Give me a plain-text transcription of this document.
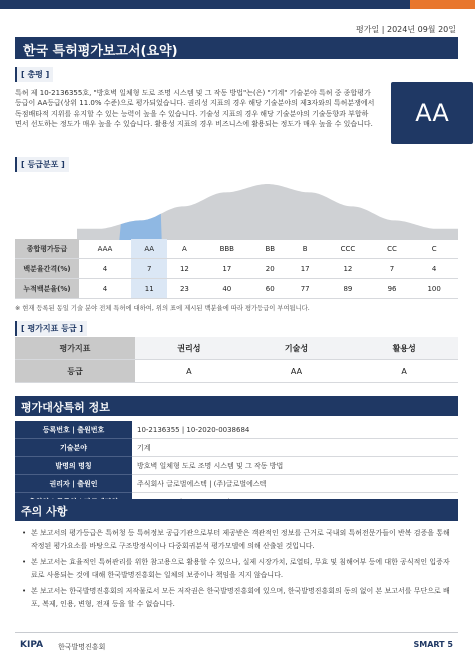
평가일 | 2024년 09월 20일
한국 특허평가보고서(요약)
[ 총평 ]
특허 제 10-2136355호, "방호벽 일체형 도로 조명 시스템 및 그 작동 방법"는(은) "기계" 기술분야 특허 중 종합평가등급이 AA등급(상위 11.0% 수준)으로 평가되었습니다. 권리성 지표의 경우 해당 기술분야의 제3자와의 특허분쟁에서 독점배타적 지위를 유지할 수 있는 능력이 높을 수 있습니다. 기술성 지표의 경우 해당 기술분야의 기술동향과 부합하면서 선도하는 정도가 매우 높을 수 있습니다. 활용성 지표의 경우 비즈니스에 활용되는 정도가 매우 높을 수 있습니다.	AA
[ 등급분포 ]
종합평가등급	AAA	AA	A	BBB	BB	B	CCC	CC	C
백분율간격(%)	4	7	12	17	20	17	12	7	4
누적백분율(%)	4	11	23	40	60	77	89	96	100
※ 현재 등록된 동일 기술 분야 전체 특허에 대하여, 위의 표에 제시된 백분율에 따라 평가등급이 부여됩니다.
[ 평가지표 등급 ]
평가지표	권리성	기술성	활용성
등급	A	AA	A
평가대상특허 정보
등록번호 | 출원번호	10-2136355 | 10-2020-0038684
기술분야	기계
발명의 명칭	방호벽 일체형 도로 조명 시스템 및 그 작동 방법
권리자 | 출원인	주식회사 글로벌에스텍 | (주)글로벌에스텍

주의 사항
• 본 보고서의 평가등급은 특허청 등 특허정보 공급기관으로부터 제공받은 객관적인 정보를 근거로 국내외 특허전문가들이 반복 검증을 통해 작정된 평가요소를 바탕으로 구조방정식이나 다중회귀분석 평가모델에 의해 산출된 것입니다.
• 본 보고서는 효율적인 특허관리를 위한 참고용으로 활용할 수 있으나, 실제 시장가치, 로열티, 무효 및 침해여부 등에 대한 공식적인 입증자료로 사용되는 것에 대해 한국발명진흥회는 일체의 보증이나 책임을 지지 않습니다.
• 본 보고서는 한국발명진흥회의 저작물로서 모든 저작권은 한국발명진흥회에 있으며, 한국발명진흥회의 동의 없이 본 보고서를 무단으로 배포, 복제, 인용, 변형, 전재 등을 할 수 없습니다.
KIPA 한국발명진흥회	SMART 5
